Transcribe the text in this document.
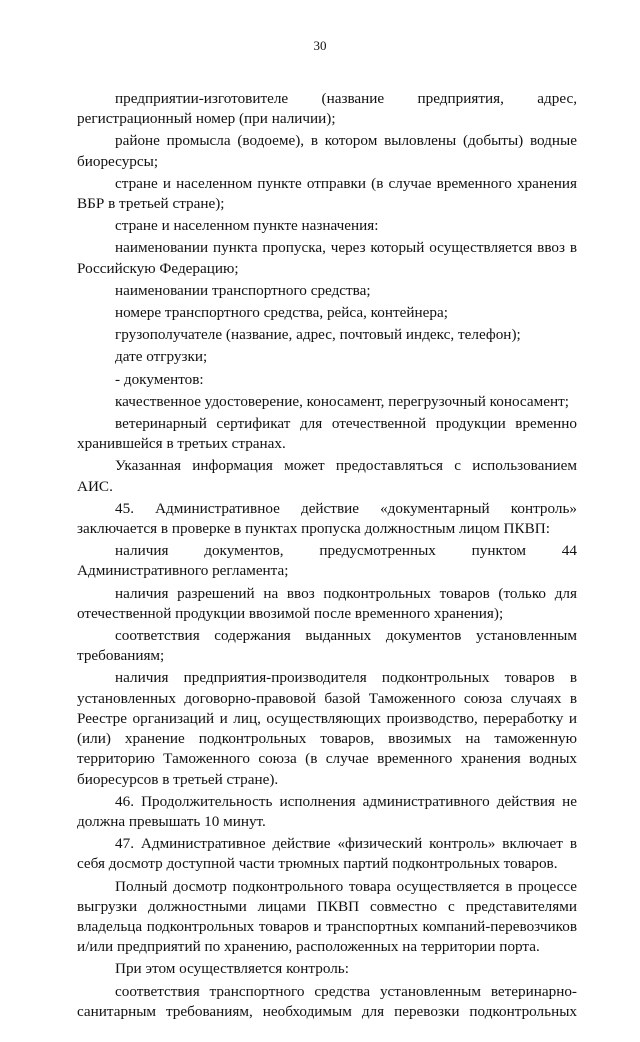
30

предприятии-изготовителе (название предприятия, адрес, регистрационный номер (при наличии);

районе промысла (водоеме), в котором выловлены (добыты) водные биоресурсы;

стране и населенном пункте отправки (в случае временного хранения ВБР в третьей стране);

стране и населенном пункте назначения:

наименовании пункта пропуска, через который осуществляется ввоз в Российскую Федерацию;

наименовании транспортного средства;

номере транспортного средства, рейса, контейнера;

грузополучателе (название, адрес, почтовый индекс, телефон);

дате отгрузки;

- документов:

качественное удостоверение, коносамент, перегрузочный коносамент;

ветеринарный сертификат для отечественной продукции временно хранившейся в третьих странах.

Указанная информация может предоставляться с использованием АИС.

45. Административное действие «документарный контроль» заключается в проверке в пунктах пропуска должностным лицом ПКВП:

наличия документов, предусмотренных пунктом 44 Административного регламента;

наличия разрешений на ввоз подконтрольных товаров (только для отечественной продукции ввозимой после временного хранения);

соответствия содержания выданных документов установленным требованиям;

наличия предприятия-производителя подконтрольных товаров в установленных договорно-правовой базой Таможенного союза случаях в Реестре организаций и лиц, осуществляющих производство, переработку и (или) хранение подконтрольных товаров, ввозимых на таможенную территорию Таможенного союза (в случае временного хранения водных биоресурсов в третьей стране).

46. Продолжительность исполнения административного действия не должна превышать 10 минут.

47. Административное действие «физический контроль» включает в себя досмотр доступной части трюмных партий подконтрольных товаров.

Полный досмотр подконтрольного товара осуществляется в процессе выгрузки должностными лицами ПКВП совместно с представителями владельца подконтрольных товаров и транспортных компаний-перевозчиков и/или предприятий по хранению, расположенных на территории порта.

При этом осуществляется контроль:

соответствия транспортного средства установленным ветеринарно-санитарным требованиям, необходимым для перевозки подконтрольных
